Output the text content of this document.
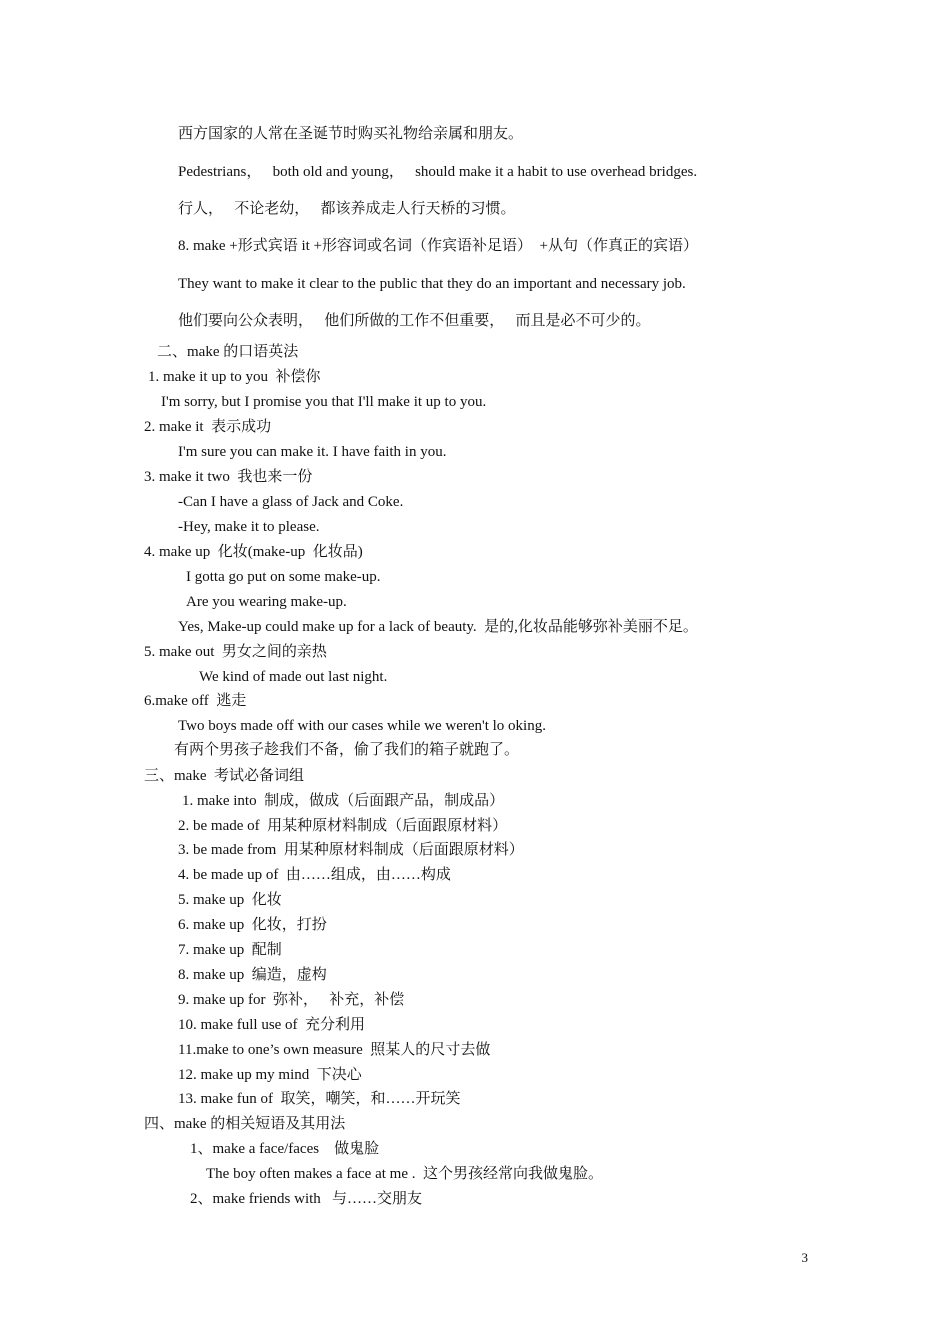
西方国家的人常在圣诞节时购买礼物给亲属和朋友。
Pedestrians，   both old and young，   should make it a habit to use overhead bridges.
行人，   不论老幼，   都该养成走人行天桥的习惯。
8. make +形式宾语 it +形容词或名词（作宾语补足语）  +从句（作真正的宾语）
They want to make it clear to the public that they do an important and necessary job.
他们要向公众表明，   他们所做的工作不但重要，   而且是必不可少的。
二、make 的口语英法
1. make it up to you  补偿你
I'm sorry, but I promise you that I'll make it up to you.
2. make it  表示成功
I'm sure you can make it. I have faith in you.
3. make it two  我也来一份
-Can I have a glass of Jack and Coke.
-Hey, make it to please.
4. make up  化妆(make-up  化妆品)
I gotta go put on some make-up.
Are you wearing make-up.
Yes, Make-up could make up for a lack of beauty.  是的,化妆品能够弥补美丽不足。
5. make out  男女之间的亲热
We kind of made out last night.
6.make off  逃走
Two boys made off with our cases while we weren't lo oking.
有两个男孩子趁我们不备，偷了我们的箱子就跑了。
三、make  考试必备词组
1. make into  制成，做成（后面跟产品，制成品）
2. be made of  用某种原材料制成（后面跟原材料）
3. be made from  用某种原材料制成（后面跟原材料）
4. be made up of  由……组成，由……构成
5. make up  化妆
6. make up  化妆，打扮
7. make up  配制
8. make up  编造，虚构
9. make up for  弥补，   补充，补偿
10. make full use of  充分利用
11.make to one’s own measure  照某人的尺寸去做
12. make up my mind  下决心
13. make fun of  取笑，嘲笑，和……开玩笑
四、make 的相关短语及其用法
1、make a face/faces    做鬼脸
The boy often makes a face at me .  这个男孩经常向我做鬼脸。
2、make friends with   与……交朋友
3
